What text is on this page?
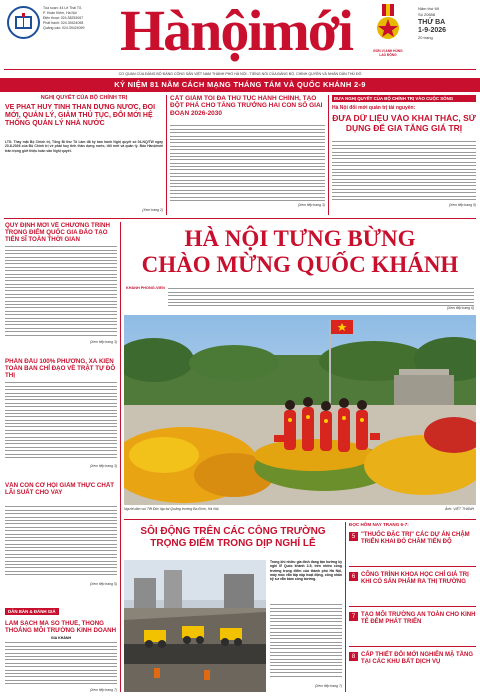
Tòa soạn: 44 Lê Thái Tổ,
P. Hoàn Kiếm, Hà Nội
Điện thoại: 024.38253067
Phát hành: 024.39424098
Quảng cáo: 024.39424099 Hànộimới	ĐƠN VỊ ANH HÙNG LAO ĐỘNG
Năm thứ 69
Số 20658
THỨ BA
1-9-2026
20 trang
CƠ QUAN CỦA ĐẢNG BỘ ĐẢNG CỘNG SẢN VIỆT NAM THÀNH PHỐ HÀ NỘI - TIẾNG NÓI CỦA ĐẢNG BỘ, CHÍNH QUYỀN VÀ NHÂN DÂN THỦ ĐÔ
KỶ NIỆM 81 NĂM CÁCH MẠNG THÁNG TÁM VÀ QUỐC KHÁNH 2-9
NGHỊ QUYẾT CỦA BỘ CHÍNH TRỊ
VỀ PHÁT HUY TINH THẦN DỰNG NƯỚC, ĐỔI MỚI, QUẢN LÝ, GIẢM THỦ TỤC, ĐỔI MỚI HỆ THỐNG QUẢN LÝ NHÀ NƯỚC
LTS: Thay mặt Bộ Chính trị, Tổng Bí thư Tô Lâm đã ký ban hành Nghị quyết số 04-NQ/TW ngày 20-8-2026 của Bộ Chính trị về phát huy tinh thần dựng nước, đổi mới và quản lý. Báo Hànộimới trân trọng giới thiệu toàn văn Nghị quyết.
(Xem trang 2)
CẮT GIẢM TỐI ĐA THỦ TỤC HÀNH CHÍNH, TẠO ĐỘT PHÁ CHO TĂNG TRƯỞNG HAI CON SỐ GIAI ĐOẠN 2026-2030
(Xem tiếp trang 3)
ĐƯA NGHỊ QUYẾT CỦA BỘ CHÍNH TRỊ VÀO CUỘC SỐNG
Hà Nội đổi mới quản trị tài nguyên:
ĐƯA DỮ LIỆU VÀO KHAI THÁC, SỬ DỤNG ĐỂ GIA TĂNG GIÁ TRỊ
(Xem tiếp trang 5)
QUY ĐỊNH MỚI VỀ CHƯƠNG TRÌNH TRỌNG ĐIỂM QUỐC GIA ĐẢO TẠO TIẾN SĨ TOÀN THỜI GIAN
(Xem tiếp trang 3)
PHẤN ĐẤU 100% PHƯỜNG, XÃ KIỆN TOÀN BAN CHỈ ĐẠO VỀ TRẬT TỰ ĐÔ THỊ
(Xem tiếp trang 3)
VẪN CÒN CƠ HỘI GIẢM THỰC CHẤT LÃI SUẤT CHO VAY
(Xem tiếp trang 5)
DÂN BÀN & ĐÁNH GIÁ
LÀM SẠCH MÃ SỐ THUẾ, THÔNG THOÁNG MÔI TRƯỜNG KINH DOANH
GIA KHÁNH
(Xem tiếp trang 7)
HÀ NỘI TƯNG BỪNG
CHÀO MỪNG QUỐC KHÁNH
KHÁNH PHONG-VIEN
(Xem tiếp trang 6)
Người dân vui Tết Độc lập tại Quảng trường Ba Đình, Hà Nội.	Ảnh: VIỆT THÀNH
SÔI ĐỘNG TRÊN CÁC CÔNG TRƯỜNG TRỌNG ĐIỂM TRONG DỊP NGHỈ LỄ
Trong khi nhiều gia đình đang tận hưởng kỳ nghỉ lễ Quốc khánh 2-9, trên nhiều công trường trọng điểm của thành phố Hà Nội, máy móc vẫn tấp nập hoạt động, công nhân kỹ sư vẫn bám công trường.
(Xem tiếp trang 7)
ĐỌC HÔM NAY TRANG 6-7:
5 "THUỐC ĐẶC TRỊ" CÁC DỰ ÁN CHẬM TRIỂN KHAI ĐÓ CHÂM TIẾN ĐỘ
6 CÔNG TRÌNH KHOA HỌC CHỈ GIÁ TRỊ KHI CÓ SẢN PHẨM RA THỊ TRƯỜNG
7 TẠO MÔI TRƯỜNG AN TOÀN CHO KINH TẾ ĐÊM PHÁT TRIỂN
8 CẤP THIẾT ĐỔI MỚI NGHIÊN MẶ TẦNG TẠI CÁC KHU BẤT DỊCH VỤ
